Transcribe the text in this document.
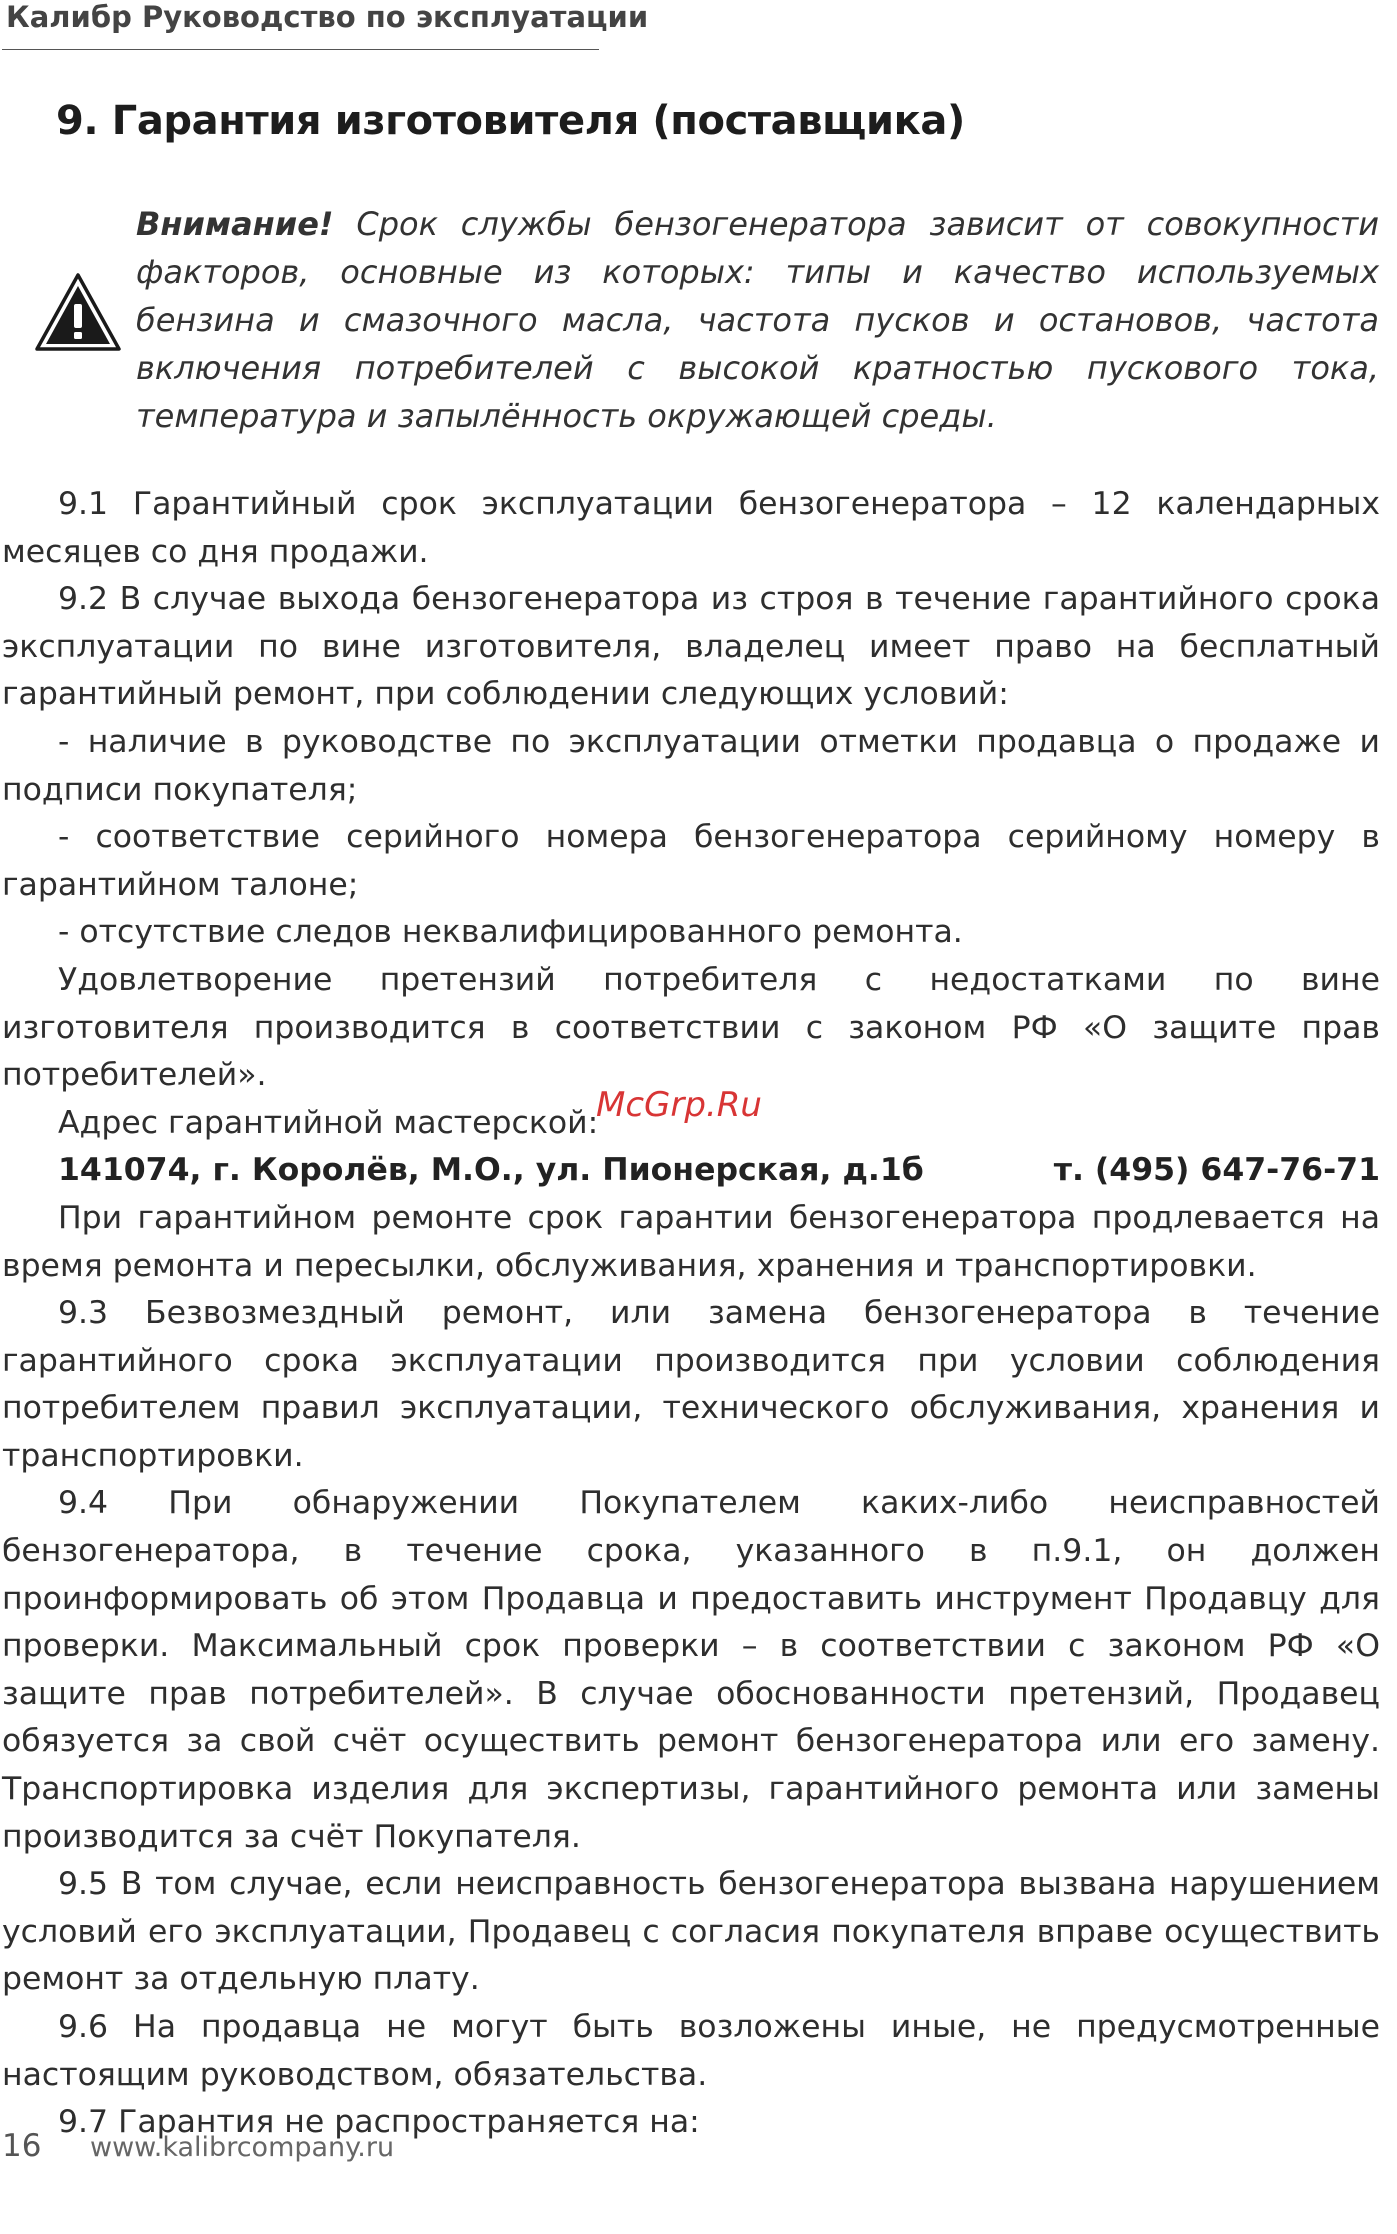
Калибр Руководство по эксплуатации
9. Гарантия изготовителя (поставщика)
Внимание! Срок службы бензогенератора зависит от совокупности факторов, основные из которых: типы и качество используемых бензина и смазочного масла, частота пусков и остановов, частота включения потребителей с высокой кратностью пускового тока, температура и запылённость окружающей среды.

9.1 Гарантийный срок эксплуатации бензогенератора – 12 календарных месяцев со дня продажи.

9.2 В случае выхода бензогенератора из строя в течение гарантийного срока эксплуатации по вине изготовителя, владелец имеет право на бесплатный гарантийный ремонт, при соблюдении следующих условий:

- наличие в руководстве по эксплуатации отметки продавца о продаже и подписи покупателя;

- соответствие серийного номера бензогенератора серийному номеру в гарантийном талоне;

- отсутствие следов неквалифицированного ремонта.

Удовлетворение претензий потребителя с недостатками по вине изготовителя производится в соответствии с законом РФ «О защите прав потребителей».

Адрес гарантийной мастерской:

141074, г. Королёв, М.О., ул. Пионерская, д.1б	т. (495) 647-76-71

При гарантийном ремонте срок гарантии бензогенератора продлевается на время ремонта и пересылки, обслуживания, хранения и транспортировки.

9.3 Безвозмездный ремонт, или замена бензогенератора в течение гарантийного срока эксплуатации производится при условии соблюдения потребителем правил эксплуатации, технического обслуживания, хранения и транспортировки.

9.4 При обнаружении Покупателем каких-либо неисправностей бензогенератора, в течение срока, указанного в п.9.1, он должен проинформировать об этом Продавца и предоставить инструмент Продавцу для проверки. Максимальный срок проверки – в соответствии с законом РФ «О защите прав потребителей». В случае обоснованности претензий, Продавец обязуется за свой счёт осуществить ремонт бензогенератора или его замену. Транспортировка изделия для экспертизы, гарантийного ремонта или замены производится за счёт Покупателя.

9.5 В том случае, если неисправность бензогенератора вызвана нарушением условий его эксплуатации, Продавец с согласия покупателя вправе осуществить ремонт за отдельную плату.

9.6 На продавца не могут быть возложены иные, не предусмотренные настоящим руководством, обязательства.

9.7 Гарантия не распространяется на:

McGrp.Ru
16 www.kalibrcompany.ru
